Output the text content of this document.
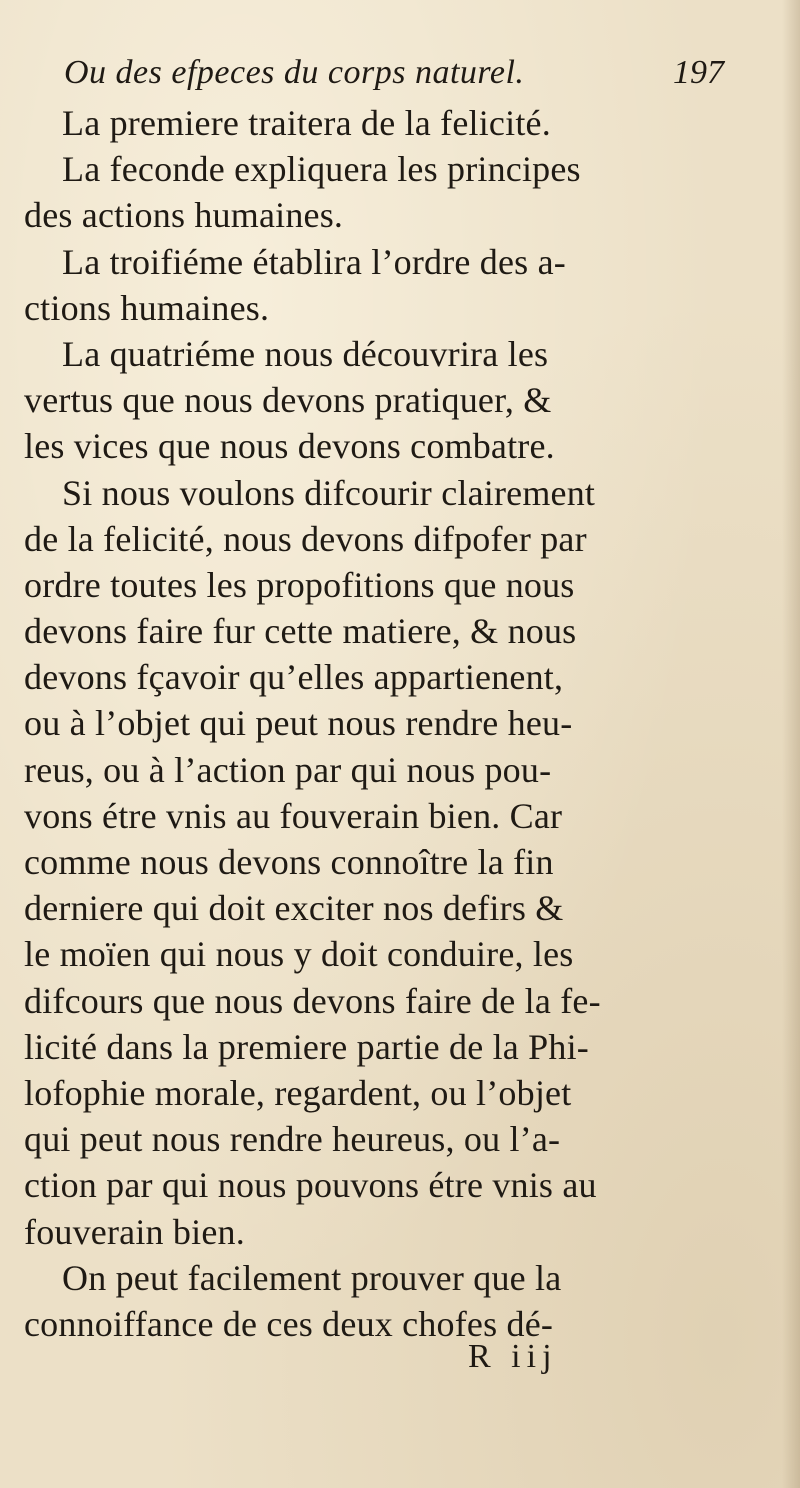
Ou des efpeces du corps naturel.	197
La premiere traitera de la felicité.
La feconde expliquera les principes
des actions humaines.
La troifiéme établira l’ordre des a-
ctions humaines.
La quatriéme nous découvrira les
vertus que nous devons pratiquer, &
les vices que nous devons combatre.
Si nous voulons difcourir clairement
de la felicité, nous devons difpofer par
ordre toutes les propofitions que nous
devons faire fur cette matiere, & nous
devons fçavoir qu’elles appartienent,
ou à l’objet qui peut nous rendre heu-
reus, ou à l’action par qui nous pou-
vons étre vnis au fouverain bien. Car
comme nous devons connoître la fin
derniere qui doit exciter nos defirs &
le moïen qui nous y doit conduire, les
difcours que nous devons faire de la fe-
licité dans la premiere partie de la Phi-
lofophie morale, regardent, ou l’objet
qui peut nous rendre heureus, ou l’a-
ction par qui nous pouvons étre vnis au
fouverain bien.
On peut facilement prouver que la
connoiffance de ces deux chofes dé-
R iij
